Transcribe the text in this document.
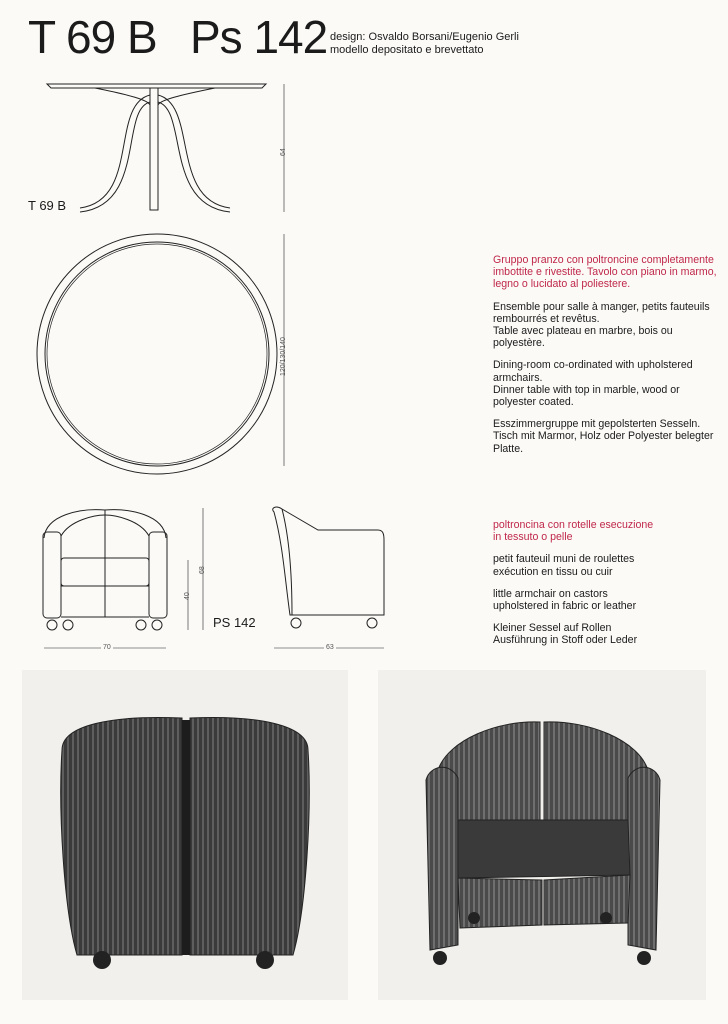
T 69 B Ps 142 design: Osvaldo Borsani/Eugenio Gerli
modello depositato e brevettato
T 69 B
64
120/130/140
PS 142
70	63
40
68

Gruppo pranzo con poltroncine completamente imbottite e rivestite. Tavolo con piano in marmo, legno o lucidato al poliestere.

Ensemble pour salle à manger, petits fauteuils rembourrés et revêtus.
Table avec plateau en marbre, bois ou polyestère.

Dining-room co-ordinated with upholstered armchairs.
Dinner table with top in marble, wood or polyester coated.

Esszimmergruppe mit gepolsterten Sesseln.
Tisch mit Marmor, Holz oder Polyester belegter Platte.

poltroncina con rotelle esecuzione in tessuto o pelle

petit fauteuil muni de roulettes exécution en tissu ou cuir

little armchair on castors upholstered in fabric or leather

Kleiner Sessel auf Rollen Ausführung in Stoff oder Leder
